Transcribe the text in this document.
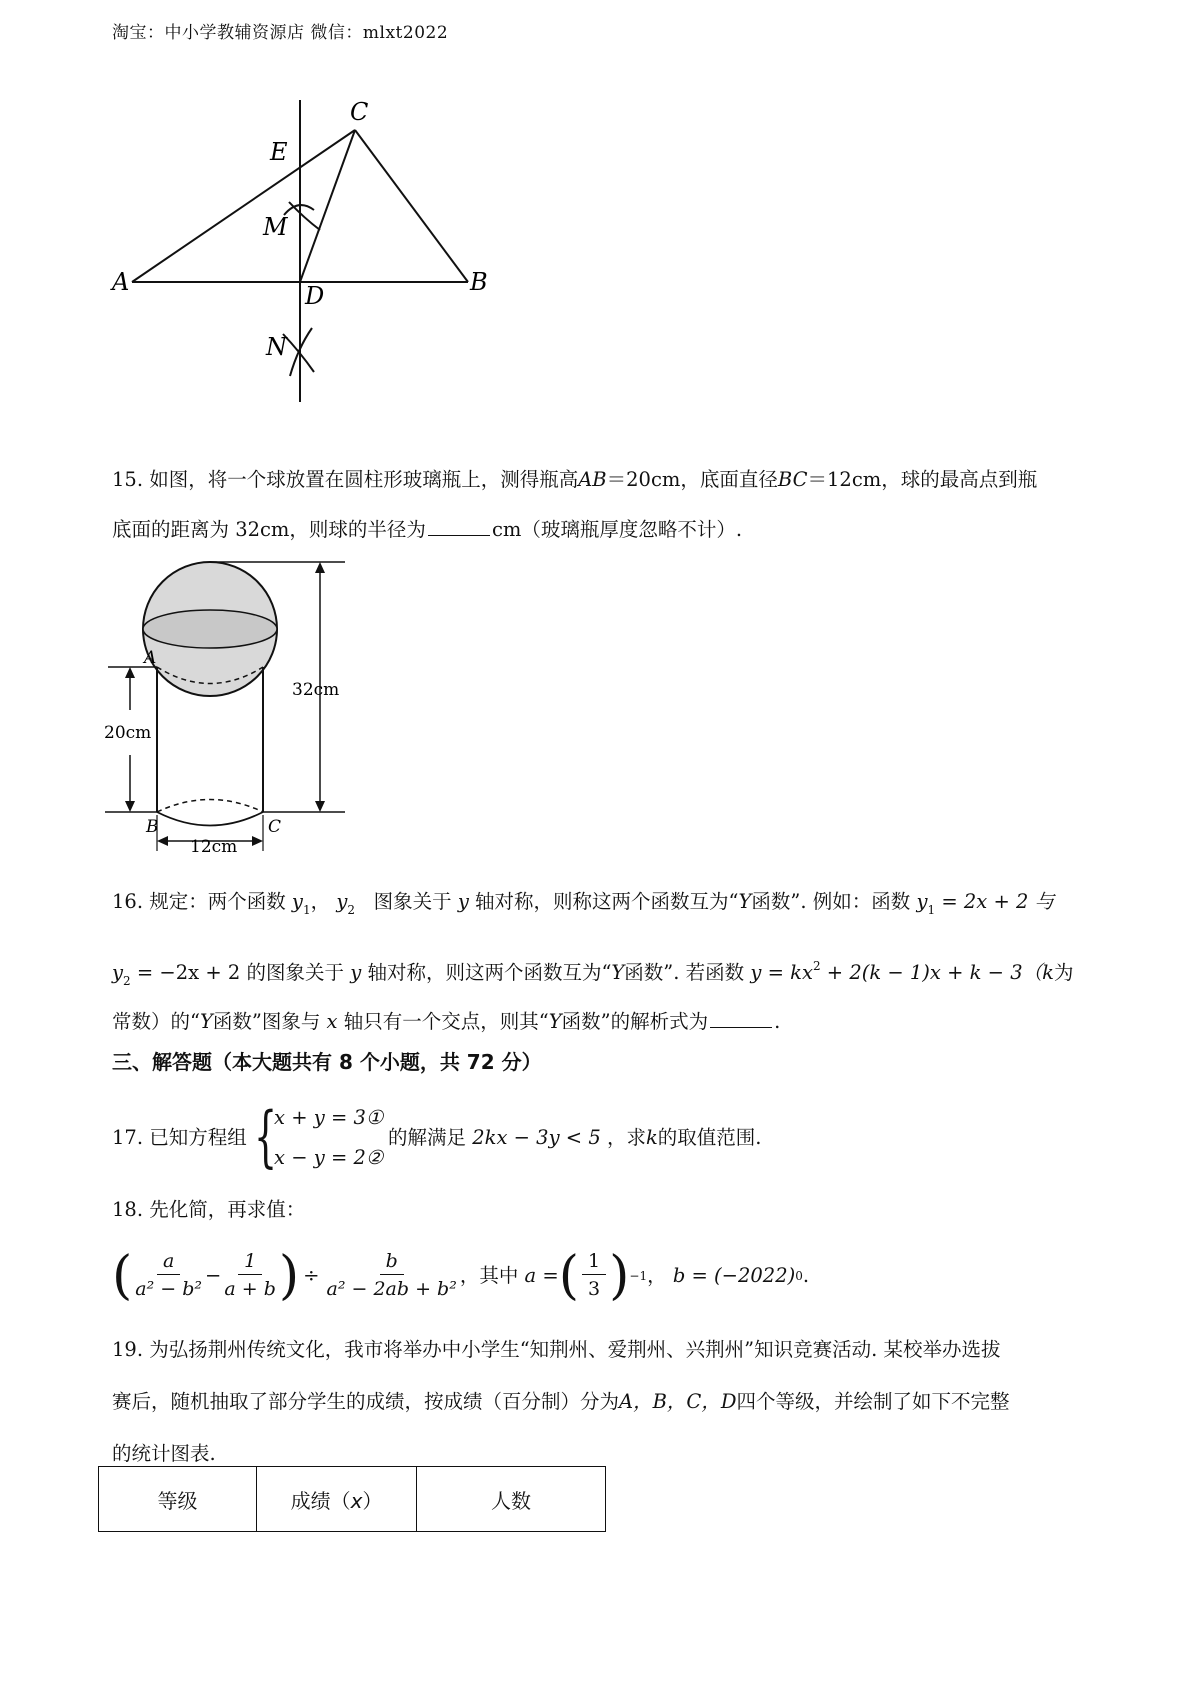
淘宝：中小学教辅资源店 微信：mlxt2022
C
E
M
A	D	B
N
15. 如图，将一个球放置在圆柱形玻璃瓶上，测得瓶高AB＝20cm，底面直径BC＝12cm，球的最高点到瓶
底面的距离为 32cm，则球的半径为	cm（玻璃瓶厚度忽略不计）.
A
B	C
32cm
20cm
12cm
16. 规定：两个函数 $y_1$， $y_2$ 图象关于 y 轴对称，则称这两个函数互为“Y函数”. 例如：函数 $y_1 = 2x + 2$ 与
$y_2 = -2x + 2$ 的图象关于 y 轴对称，则这两个函数互为“Y函数”. 若函数 $y = kx^2 + 2(k - 1)x + k - 3(k$为
常数）的“Y函数”图象与 x 轴只有一个交点，则其“Y函数”的解析式为	.
三、解答题（本大题共有 8 个小题，共 72 分）
17. 已知方程组 {
x + y = 3①
x − y = 2②
的解满足 2kx − 3y < 5 ，求k的取值范围.
18. 先化简，再求值：
( $\frac{a}{\text{a² − b²}} - \frac{1}{a + b}$ ) ÷ $\frac{b}{\text{a² − 2ab + b²}}$ ，其中
a = ( $\frac{1}{3}$ ) −1 ，
b = (−2022) 0 .
19. 为弘扬荆州传统文化，我市将举办中小学生“知荆州、爱荆州、兴荆州”知识竞赛活动. 某校举办选拔
赛后，随机抽取了部分学生的成绩，按成绩（百分制）分为A，B，C，D四个等级，并绘制了如下不完整
的统计图表.
等级	成绩（x）	人数
